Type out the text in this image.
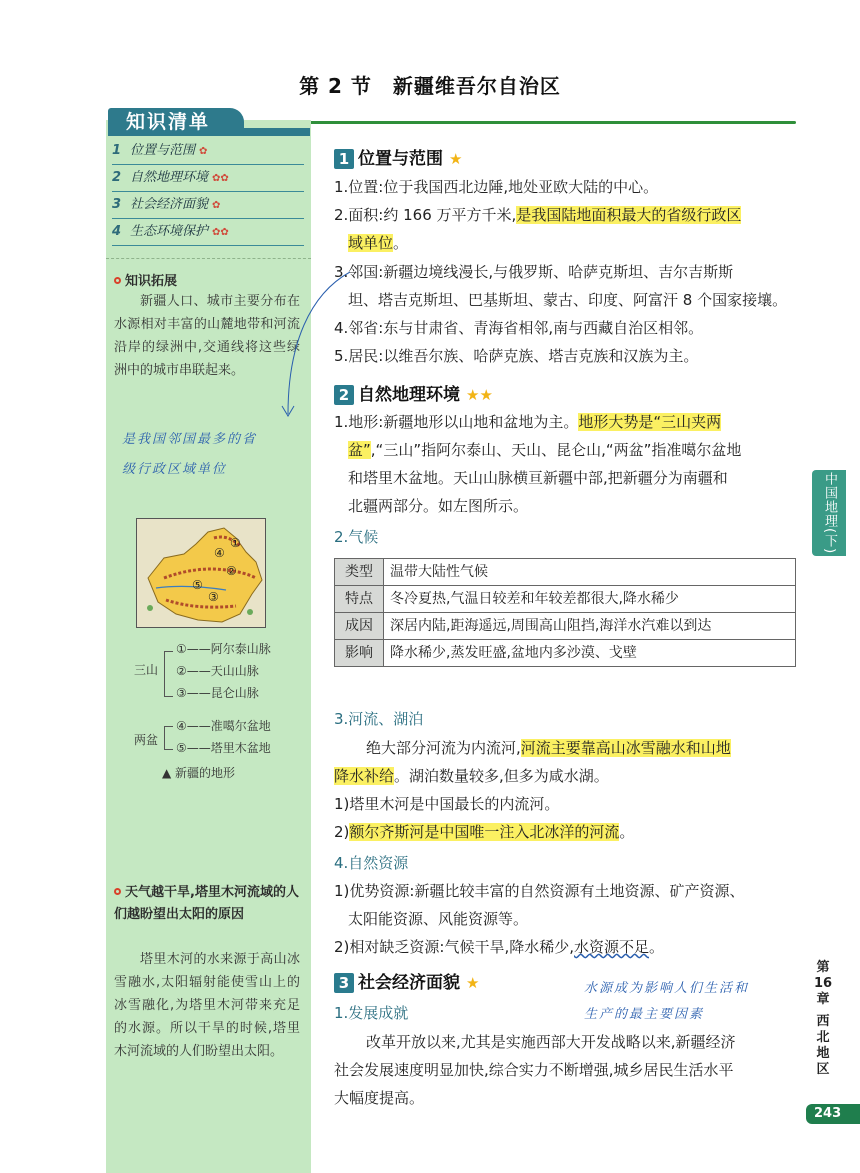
第 2 节　新疆维吾尔自治区
知识清单
1 位置与范围 ✿
2 自然地理环境 ✿✿
3 社会经济面貌 ✿
4 生态环境保护 ✿✿
知识拓展
新疆人口、城市主要分布在水源相对丰富的山麓地带和河流沿岸的绿洲中,交通线将这些绿洲中的城市串联起来。
是我国邻国最多的省
级行政区域单位
①
②
③
④
⑤
三山
①——阿尔泰山脉
②——天山山脉
③——昆仑山脉
两盆
④——准噶尔盆地
⑤——塔里木盆地
▲ 新疆的地形
天气越干旱,塔里木河流域的人们越盼望出太阳的原因
塔里木河的水来源于高山冰雪融水,太阳辐射能使雪山上的冰雪融化,为塔里木河带来充足的水源。所以干旱的时候,塔里木河流域的人们盼望出太阳。
1 位置与范围 ★
1.位置:位于我国西北边陲,地处亚欧大陆的中心。
2.面积:约 166 万平方千米,是我国陆地面积最大的省级行政区
域单位。
3.邻国:新疆边境线漫长,与俄罗斯、哈萨克斯坦、吉尔吉斯斯
坦、塔吉克斯坦、巴基斯坦、蒙古、印度、阿富汗 8 个国家接壤。
4.邻省:东与甘肃省、青海省相邻,南与西藏自治区相邻。
5.居民:以维吾尔族、哈萨克族、塔吉克族和汉族为主。
2 自然地理环境 ★★
1.地形:新疆地形以山地和盆地为主。地形大势是“三山夹两
盆”,“三山”指阿尔泰山、天山、昆仑山,“两盆”指准噶尔盆地
和塔里木盆地。天山山脉横亘新疆中部,把新疆分为南疆和
北疆两部分。如左图所示。
2.气候
类型	温带大陆性气候
特点	冬冷夏热,气温日较差和年较差都很大,降水稀少
成因	深居内陆,距海遥远,周围高山阻挡,海洋水汽难以到达
影响	降水稀少,蒸发旺盛,盆地内多沙漠、戈壁
3.河流、湖泊
绝大部分河流为内流河,河流主要靠高山冰雪融水和山地
降水补给。湖泊数量较多,但多为咸水湖。
1)塔里木河是中国最长的内流河。
2)额尔齐斯河是中国唯一注入北冰洋的河流。
4.自然资源
1)优势资源:新疆比较丰富的自然资源有土地资源、矿产资源、
太阳能资源、风能资源等。
2)相对缺乏资源:气候干旱,降水稀少,水资源不足。
3 社会经济面貌 ★	水源成为影响人们生活和
生产的最主要因素
1.发展成就
改革开放以来,尤其是实施西部大开发战略以来,新疆经济
社会发展速度明显加快,综合实力不断增强,城乡居民生活水平
大幅度提高。
中国地理(下)
第
16
章
西
北
地
区
243
